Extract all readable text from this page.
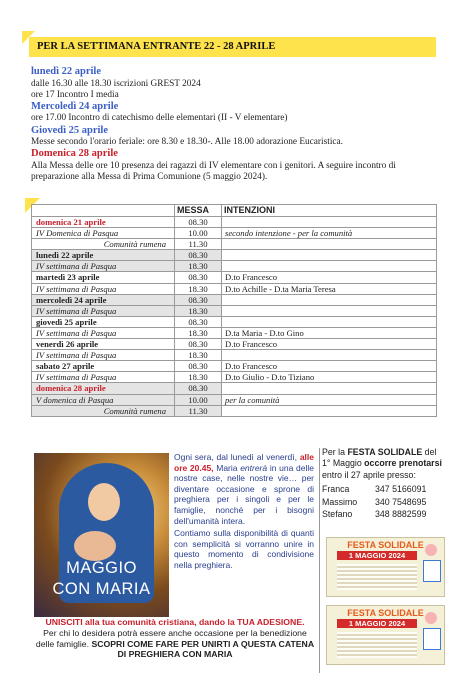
PER LA SETTIMANA ENTRANTE 22 - 28 APRILE
lunedì 22 aprile
dalle 16.30 alle 18.30 iscrizioni GREST 2024
ore 17 Incontro I media
Mercoledì 24 aprile
ore 17.00 Incontro di catechismo delle elementari (II - V elementare)
Giovedì 25 aprile
Messe secondo l'orario feriale: ore 8.30 e 18.30-. Alle 18.00 adorazione Eucaristica.
Domenica 28 aprile
Alla Messa delle ore 10 presenza dei ragazzi di IV elementare con i genitori. A seguire incontro di preparazione alla Messa di Prima Comunione (5 maggio 2024).
	MESSA	INTENZIONI
domenica 21 aprile	08.30	
IV Domenica di Pasqua	10.00	secondo intenzione - per la comunità
Comunità rumena	11.30	
lunedì 22 aprile	08.30	
IV settimana di Pasqua	18.30	
martedì 23 aprile	08.30	D.to Francesco
IV settimana di Pasqua	18.30	D.to Achille - D.ta Maria Teresa
mercoledì 24 aprile	08.30	
IV settimana di Pasqua	18.30	
giovedì 25 aprile	08.30	
IV settimana di Pasqua	18.30	D.ta Maria - D.to Gino
venerdì 26 aprile	08.30	D.to Francesco
IV settimana di Pasqua	18.30	
sabato 27 aprile	08.30	D.to Francesco
IV settimana di Pasqua	18.30	D.to Giulio - D.to Tiziano
domenica 28 aprile	08.30	
V domenica di Pasqua	10.00	per la comunità
Comunità rumena	11.30	
MAGGIO
CON MARIA

Ogni sera, dal lunedì al venerdì, alle ore 20.45, Maria entrerà in una delle nostre case, nelle nostre vie… per diventare occasione e sprone di preghiera per i singoli e per le famiglie, nonché per i bisogni dell'umanità intera.

Contiamo sulla disponibilità di quanti con semplicità si vorranno unire in questo momento di condivisione nella preghiera.

UNISCITI alla tua comunità cristiana, dando la TUA ADESIONE.
Per chi lo desidera potrà essere anche occasione per la benedizione delle famiglie. SCOPRI COME FARE PER UNIRTI A QUESTA CATENA DI PREGHIERA CON MARIA
Per la FESTA SOLIDALE del 1° Maggio occorre prenotarsi entro il 27 aprile presso:
Franca	347 5166091
Massimo	340 7548695
Stefano	348 8882599
FESTA SOLIDALE
1 MAGGIO 2024
FESTA SOLIDALE
1 MAGGIO 2024
